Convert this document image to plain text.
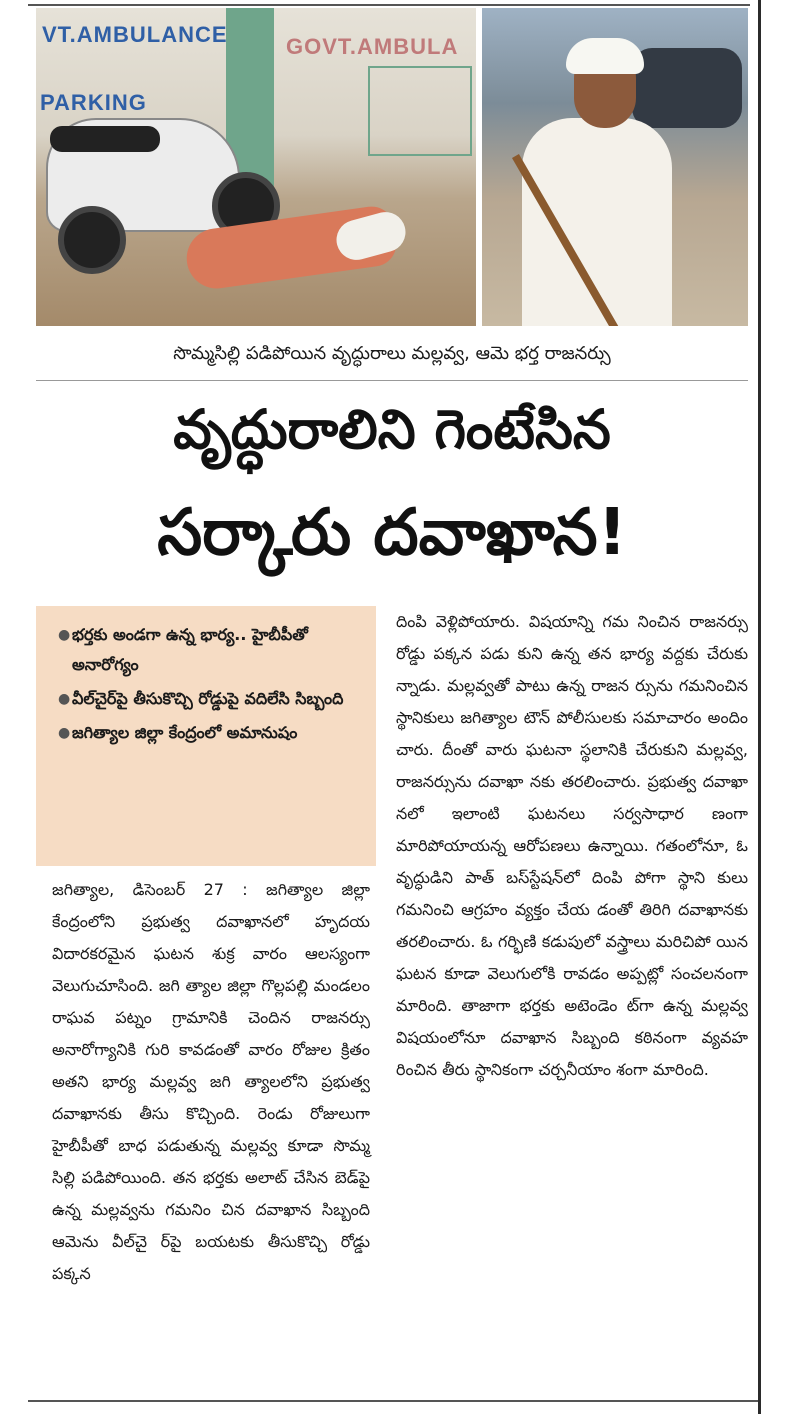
VT.AMBULANCE	GOVT.AMBULA
PARKING
సొమ్మసిల్లి పడిపోయిన వృద్ధురాలు మల్లవ్వ, ఆమె భర్త రాజనర్సు
వృద్ధురాలిని గెంటేసిన
సర్కారు దవాఖాన!
● భర్తకు అండగా ఉన్న భార్య.. హైబీపీతో అనారోగ్యం
● వీల్‌చైర్‌పై తీసుకొచ్చి రోడ్డుపై వదిలేసి సిబ్బంది
● జగిత్యాల జిల్లా కేంద్రంలో అమానుషం

జగిత్యాల, డిసెంబర్ 27 : జగిత్యాల జిల్లా కేంద్రంలోని ప్రభుత్వ దవాఖానలో హృదయ విదారకరమైన ఘటన శుక్ర వారం ఆలస్యంగా వెలుగుచూసింది. జగి త్యాల జిల్లా గొల్లపల్లి మండలం రాఘవ పట్నం గ్రామానికి చెందిన రాజనర్సు అనారోగ్యానికి గురి కావడంతో వారం రోజుల క్రితం అతని భార్య మల్లవ్వ జగి త్యాలలోని ప్రభుత్వ దవాఖానకు తీసు కొచ్చింది. రెండు రోజులుగా హైబీపీతో బాధ పడుతున్న మల్లవ్వ కూడా సొమ్మ సిల్లి పడిపోయింది. తన భర్తకు అలాట్ చేసిన బెడ్‌పై ఉన్న మల్లవ్వను గమనిం చిన దవాఖాన సిబ్బంది ఆమెను వీల్‌చై ర్‌పై బయటకు తీసుకొచ్చి రోడ్డు పక్కన

దింపి వెళ్లిపోయారు. విషయాన్ని గమ నించిన రాజనర్సు రోడ్డు పక్కన పడు కుని ఉన్న తన భార్య వద్దకు చేరుకు న్నాడు. మల్లవ్వతో పాటు ఉన్న రాజన ర్సును గమనించిన స్థానికులు జగిత్యాల టౌన్ పోలీసులకు సమాచారం అందిం చారు. దీంతో వారు ఘటనా స్థలానికి చేరుకుని మల్లవ్వ, రాజనర్సును దవాఖా నకు తరలించారు. ప్రభుత్వ దవాఖా నలో ఇలాంటి ఘటనలు సర్వసాధార ణంగా మారిపోయాయన్న ఆరోపణలు ఉన్నాయి. గతంలోనూ, ఓ వృద్ధుడిని పాత్ బస్‌స్టేషన్‌లో దింపి పోగా స్థాని కులు గమనించి ఆగ్రహం వ్యక్తం చేయ డంతో తిరిగి దవాఖానకు తరలించారు. ఓ గర్భిణి కడుపులో వస్త్రాలు మరిచిపో యిన ఘటన కూడా వెలుగులోకి రావడం అప్పట్లో సంచలనంగా మారింది. తాజాగా భర్తకు అటెండెం ట్‌గా ఉన్న మల్లవ్వ విషయంలోనూ దవాఖాన సిబ్బంది కఠినంగా వ్యవహ రించిన తీరు స్థానికంగా చర్చనీయాం శంగా మారింది.
